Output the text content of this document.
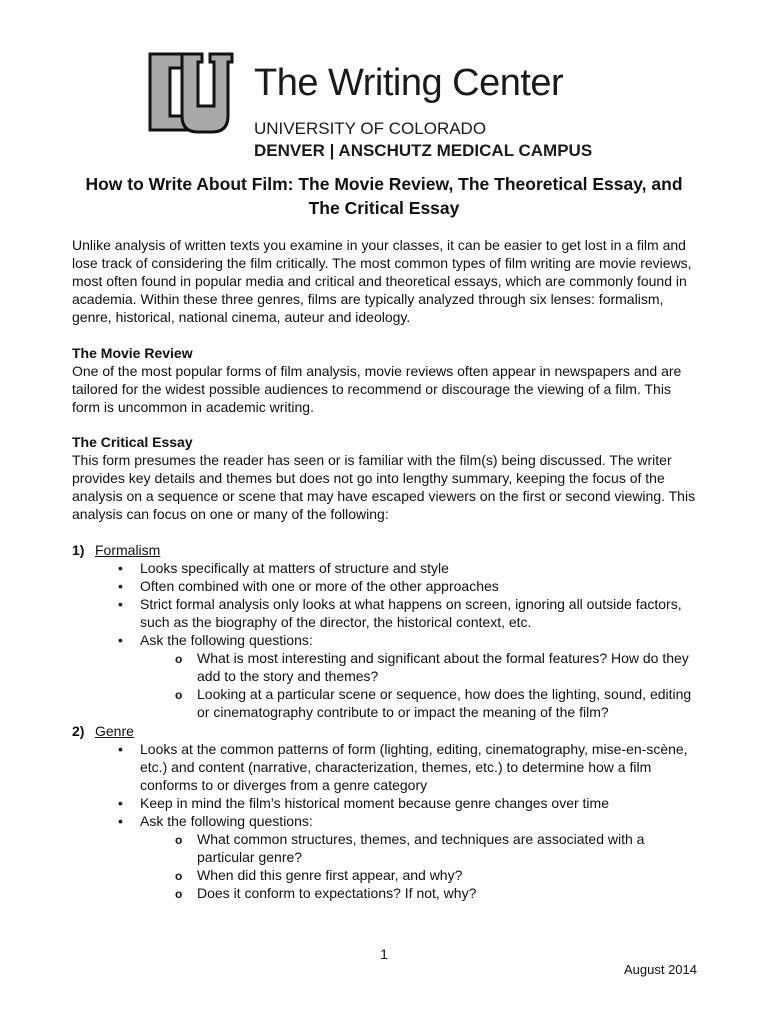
The Writing Center
UNIVERSITY OF COLORADO
DENVER | ANSCHUTZ MEDICAL CAMPUS
How to Write About Film: The Movie Review, The Theoretical Essay, and The Critical Essay
Unlike analysis of written texts you examine in your classes, it can be easier to get lost in a film and lose track of considering the film critically. The most common types of film writing are movie reviews, most often found in popular media and critical and theoretical essays, which are commonly found in academia. Within these three genres, films are typically analyzed through six lenses: formalism, genre, historical, national cinema, auteur and ideology.
The Movie Review
One of the most popular forms of film analysis, movie reviews often appear in newspapers and are tailored for the widest possible audiences to recommend or discourage the viewing of a film. This form is uncommon in academic writing.
The Critical Essay
This form presumes the reader has seen or is familiar with the film(s) being discussed. The writer provides key details and themes but does not go into lengthy summary, keeping the focus of the analysis on a sequence or scene that may have escaped viewers on the first or second viewing. This analysis can focus on one or many of the following:
1) Formalism
• Looks specifically at matters of structure and style
• Often combined with one or more of the other approaches
• Strict formal analysis only looks at what happens on screen, ignoring all outside factors, such as the biography of the director, the historical context, etc.
• Ask the following questions:
o What is most interesting and significant about the formal features? How do they add to the story and themes?
o Looking at a particular scene or sequence, how does the lighting, sound, editing or cinematography contribute to or impact the meaning of the film?
2) Genre
• Looks at the common patterns of form (lighting, editing, cinematography, mise-en-scène, etc.) and content (narrative, characterization, themes, etc.) to determine how a film conforms to or diverges from a genre category
• Keep in mind the film’s historical moment because genre changes over time
• Ask the following questions:
o What common structures, themes, and techniques are associated with a particular genre?
o When did this genre first appear, and why?
o Does it conform to expectations? If not, why?
1
August 2014
